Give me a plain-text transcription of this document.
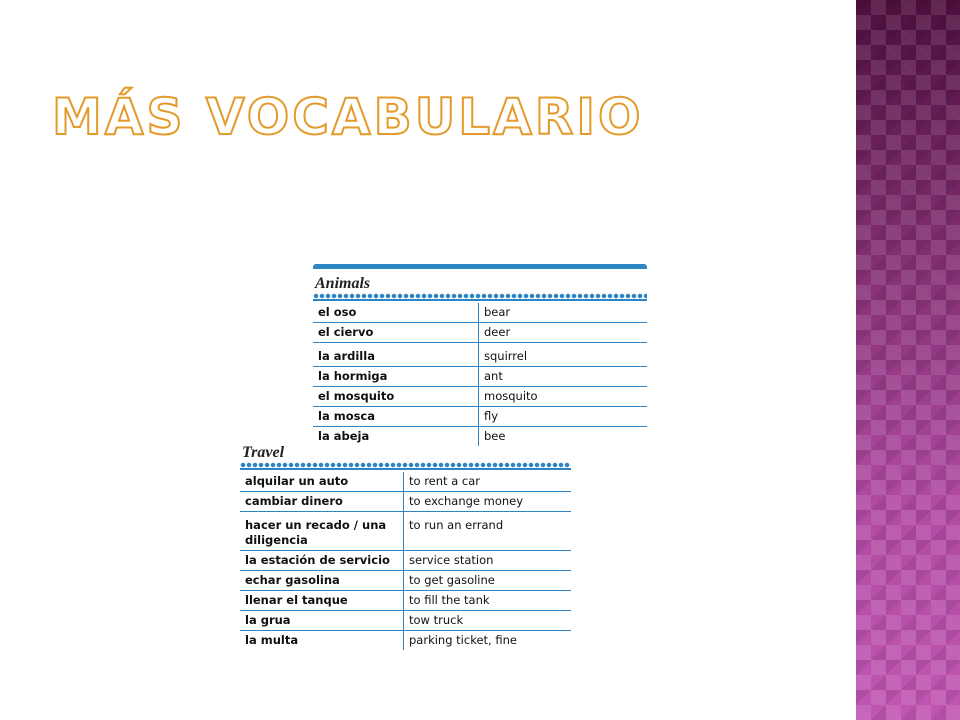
MÁS VOCABULARIO
Animals
el oso	bear
el ciervo	deer
la ardilla	squirrel
la hormiga	ant
el mosquito	mosquito
la mosca	fly
la abeja	bee
Travel
alquilar un auto	to rent a car
cambiar dinero	to exchange money
hacer un recado / una diligencia	to run an errand
la estación de servicio	service station
echar gasolina	to get gasoline
llenar el tanque	to fill the tank
la grua	tow truck
la multa	parking ticket, fine
